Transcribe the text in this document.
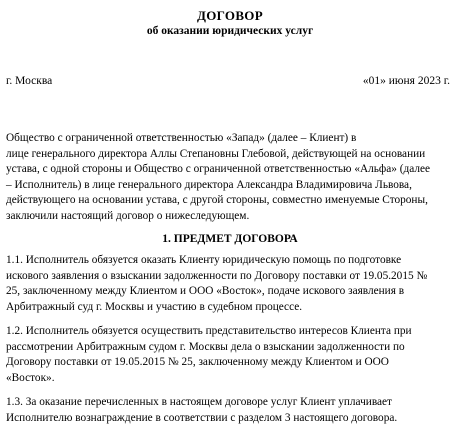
ДОГОВОР
об оказании юридических услуг
г. Москва	«01» июня 2023 г.
Общество с ограниченной ответственностью «Запад» (далее – Клиент) в
лице генерального директора Аллы Степановны Глебовой, действующей на основании
устава, с одной стороны и Общество с ограниченной ответственностью «Альфа» (далее
– Исполнитель) в лице генерального директора Александра Владимировича Львова,
действующего на основании устава, с другой стороны, совместно именуемые Стороны,
заключили настоящий договор о нижеследующем.
1. ПРЕДМЕТ ДОГОВОРА
1.1. Исполнитель обязуется оказать Клиенту юридическую помощь по подготовке
искового заявления о взыскании задолженности по Договору поставки от 19.05.2015 №
25, заключенному между Клиентом и ООО «Восток», подаче искового заявления в
Арбитражный суд г. Москвы и участию в судебном процессе.
1.2. Исполнитель обязуется осуществить представительство интересов Клиента при
рассмотрении Арбитражным судом г. Москвы дела о взыскании задолженности по
Договору поставки от 19.05.2015 № 25, заключенному между Клиентом и ООО
«Восток».
1.3. За оказание перечисленных в настоящем договоре услуг Клиент уплачивает
Исполнителю вознаграждение в соответствии с разделом 3 настоящего договора.
